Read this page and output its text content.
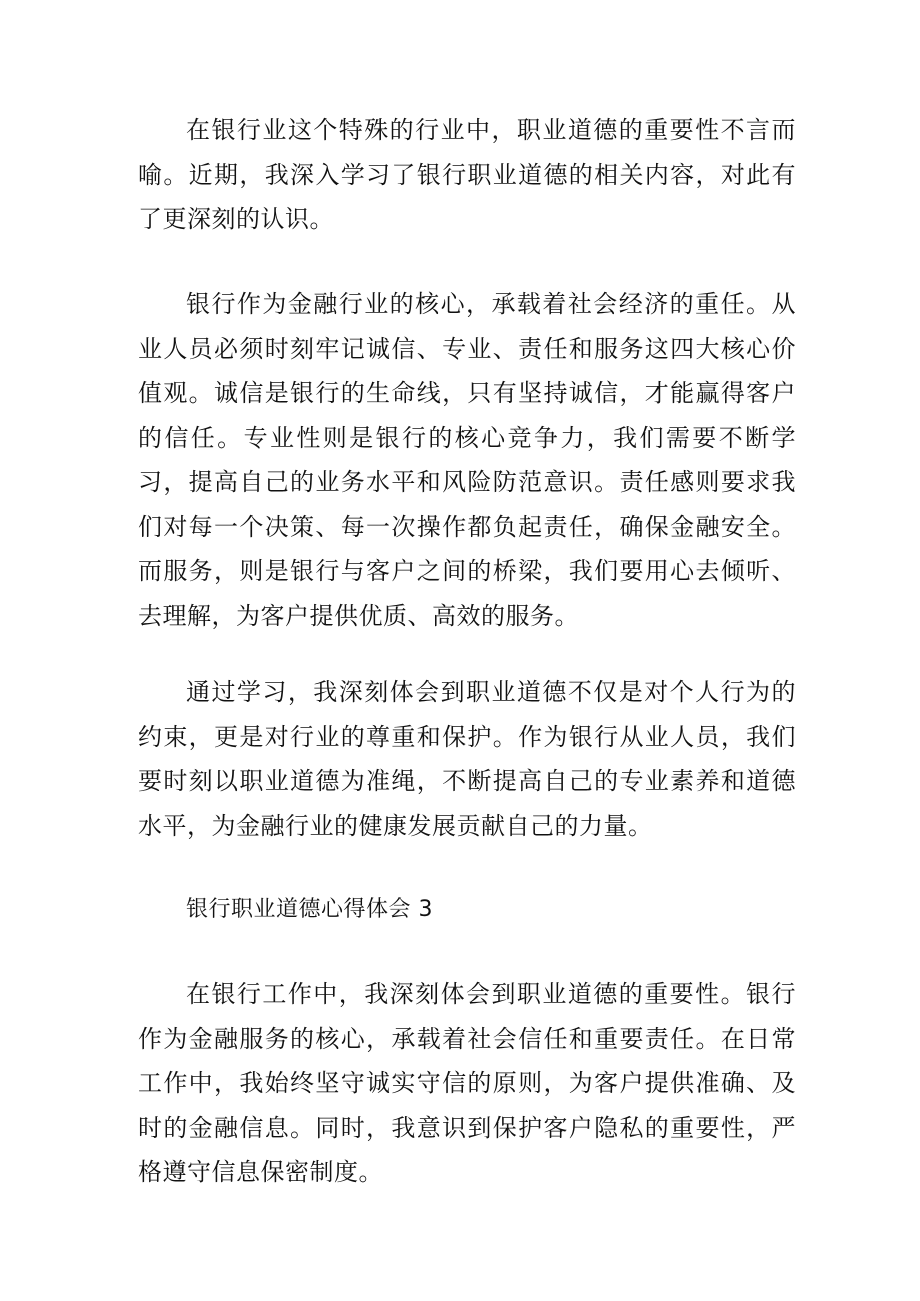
在银行业这个特殊的行业中，职业道德的重要性不言而喻。近期，我深入学习了银行职业道德的相关内容，对此有了更深刻的认识。

银行作为金融行业的核心，承载着社会经济的重任。从业人员必须时刻牢记诚信、专业、责任和服务这四大核心价值观。诚信是银行的生命线，只有坚持诚信，才能赢得客户的信任。专业性则是银行的核心竞争力，我们需要不断学习，提高自己的业务水平和风险防范意识。责任感则要求我们对每一个决策、每一次操作都负起责任，确保金融安全。而服务，则是银行与客户之间的桥梁，我们要用心去倾听、去理解，为客户提供优质、高效的服务。

通过学习，我深刻体会到职业道德不仅是对个人行为的约束，更是对行业的尊重和保护。作为银行从业人员，我们要时刻以职业道德为准绳，不断提高自己的专业素养和道德水平，为金融行业的健康发展贡献自己的力量。

银行职业道德心得体会 3

在银行工作中，我深刻体会到职业道德的重要性。银行作为金融服务的核心，承载着社会信任和重要责任。在日常工作中，我始终坚守诚实守信的原则，为客户提供准确、及时的金融信息。同时，我意识到保护客户隐私的重要性，严格遵守信息保密制度。
